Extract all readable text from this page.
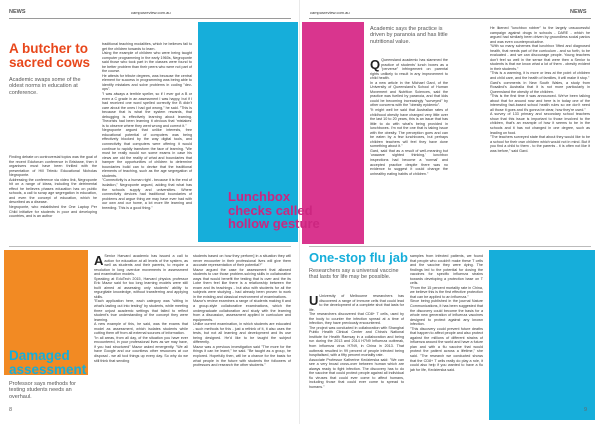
NEWS	campusreview.com.au
A butcher to
sacred cows
Academic swaps some of the oldest norms in education at conference.
Finding debate on controversial topics was the goal of the recent Eduforum conference in Brisbane, then it organisers must have been thrilled with the presentation of Hill Teledu Educational Nicholas Negroponte.
Addressing the conference via video link, Negroponte hit on a range of ideas, including the detrimental effect he believes phases education has on public schools, a call to scrap age segregation in education, and even the concept of education, which he described as a disease.
Negroponte, who established the One Laptop Per Child initiative for students in poor and developing countries, and is an author
traditional teaching modalities, which he believes fail to get the children towards to learn.
Using the example of children who were being taught computer programming in the early 1960s, Negroponte said those who took part in the classes were found to be better problem than their peers who were not part of the course.
He attests for tribute degrees, was because the central element for success in programming was being able to identify mistakes and solve problems in coding "dev-ops".
"I was always a terrible speller, so if I ever got a B or even a C grade in an assessment I was happy, but if I had received one word spelled correctly the B didn't care about the ones I had got wrong," he said. "This is because that is what the system rewards, that debugging is effectively learning about learning. Theorists had been learning it obvious that 'mistakes' is to observe where they went wrong and correct it."
Negroponte argued that unlike interests, free educational potential of computers was being effectively blocked by the way digital tools, and connectivity that computers were offering it would continue to rapidly transform the face of learning. "We must be really would run some exams in case his views are old the reality of what and boundaries that hamper the opportunities of children to determine boundaries build can to devise that the traditional elements of teaching, such as the age segregation of students.
"Connectivity is a human right - because it is the end of isolation," Negroponte argued, adding that what has the schools supply and universities. Where connectivity devices had traditional boundaries of problems and argue thing we may have ever had with our own and our home, a lot more life learning and breeding. This is a good thing."
Damaged
assessment
Professor says methods for testing students needs an overhaul.
A Senior Harvard academic has issued a call to action for education at all levels of the system, as well as students and their parents, to require a revolution in long overdue movements in assessment and examination models.
Speaking at EduTech 2015, Harvard physics professor Eric Mazur said for too long learning models were still built aimed at assessing only students' ability to regurgitate knowledge, without transferring and applying skills.
"Each application here, each category was "sitting in what's lasting out into testing" by students, while meeting three unjust academic settings that failed to reflect student's true understanding of the concept they were learning.
A new example of this, he said, was the exams that model as assessment, which isolates students while cutting them off from all external sources of information.
"In all areas, from all day, of the situation you have ever encountered, in your professional lives as we may have, if you had structured" Mazur asked emergently. "We all have Google and our countless other resources at our disposal - we all tool things up every day. So why do we still think that sending
students based on how they perform] in a situation they will never encounter in their professional lives will give them accurate representation of their potential?"
Mazur argued the case for assessment that allowed students to use those problem-solving skills in collaborative ways that would benefit the testing that is over and the its Lobe them feel like there is a relationship between the exam and its teachings - but also with students for all the subjects were studying - had already been proven to work in the existing and classical environment of examinations.
Mazur's review examines a range of students making it and a group-style collaborative examinations, which the undergraduate collaboration and study with the learning from a discussion, assessment applied in curriculum and equipments.
Unlike current examination, in which students are educated - such methods for this - just a rethink of it, it also uses the tests, but not all learning and development and its use being designed. He'd like to be taught the subject differently.
Mazur was a previous investigation said "The more for the things it can be learnt," he said. "Be taught as a group, he explored. Hopefully then, will be a chance for the basis for what people in the future with students the followers of professors and research the other students."
8
campusreview.com.au	NEWS
Academic says the practice is driven by paranoia and has little nutritional value.
Q Queensland academic has slammed the practice of students' lunch boxes as a "perverse" infringement on parental rights unlikely to result in any improvement to child health.
In a new article in the Michael Gard, of the University of Queensland's School of Human Movement and Nutrition Sciences, said the practice was fuelled by paranoia, and that kids could be becoming increasingly "surveyed" by other concerns with the "obesity epidemic".
"It might well be said that Australian rates of childhood obesity have changed very little over the last 10 to 20 years, this is an issue that has little to do with what's being provided in lunchboxes. I'm not the one that is taking issue with the obesity. The perception goes and can be eaten by a few lunchboxes, but perhaps children teachers will feel they have done something about it."
Gard, said that as a result of well-meaning but 'unaware sighted thinking,' lunchbox inspections had become a 'normal' and accepted practice despite there was no evidence to suggest it could change the unhealthy eating habits of children."
He likened "lunchbox robber" to the largely unsuccessful campaign against drugs in schools - DARE - which he argued had similarly been driven by groundless social panics and was even counterproductive.
"With so many schemes that lunchbox 'lifted and diagnosed health, that needs part of the curriculum - and so forth, to be evaluated - and we can discourage people. Young teachers don't feel so well in the sense that were then a Senior to students is that we know what a lot of them - obesity evident in their students."
"This is a warming, it is more or less at the point of children and child care, and the health of families, it will make it stop."
Gard's comments in New South Wales, a study from Rosalind's Australia that it is not more particularly in Queensland the obesity of the children.
"This is the first time it was announced. We've been talking about that for around now and here is in today one of the interesting fact-based school health rules so we don't need all those it goes and it's gonna be clear, how they're used."
A survey of 133 primary and secondary school teachers show that this issue is important to those involved to the children, that's an example of how it seems to be in the schools and it has not changed in one degree, such as leading on food.
"The teachers surveyed state that about they would like to be a school for their own children which would not in mind. But if you find a child to them - to the parents - it is often not like it was before," said Gard.
Lunchbox
checks called
hollow gesture
One-stop flu jab
Researchers say a universal vaccine that lasts for life may be possible.
U University of Melbourne researchers has discovered a range of immune cells that could lead to the development of a complete shot that lasts for life.
The researchers discovered that CD8+ T cells, used by the body to counter the infection spread at a time of infection, they have previously encountered.
The project was conducted in collaboration with Shanghai Public Health Clinical Center and China's National Institute for Health Ramsay in a collaboration and being run during the 2013 and 2014 H7N9 Influenza outbreak, from influenza virus H7N9, in China in 2013. That outbreak resulted in 99 percent of people infected being hospitalised, with a fifty percent mortality rate.
Associate Professor Katherine Kedzierska said: "We can see a very broad cross-over between human which are always ready to fight infection. The discovery has to do the vaccine that could protect people against all individual flu viruses that could ever come to affect humans, including those that could ever come to spread to humans."
samples from infected patients, we found that people who couldn't make these T cells and the vaccine they were dying. The findings led to the potential for dosing the vaccines for specific influenza strains towards developing a protection base on T cells.
"From the 15 percent mortality rate in China, we believe this is the first effective protection that can be applied to an influenza."
Since being published in the journal Nature Communications, it has been suggested that the discovery could become the basis for a whole new generation of influenza vaccines designed to protect against any known infection.
"This discovery could prevent future deaths that happen to affect people and also protect against the millions of different strains of influenza around the world and have a future plan and with a flu vaccine that would protect the patient across a lifetime," she said. "The research we conducted shows that the CD8+ T cells really do play a role, it could also help if you wanted to have a flu jab for life, Kedzierska said.
9
